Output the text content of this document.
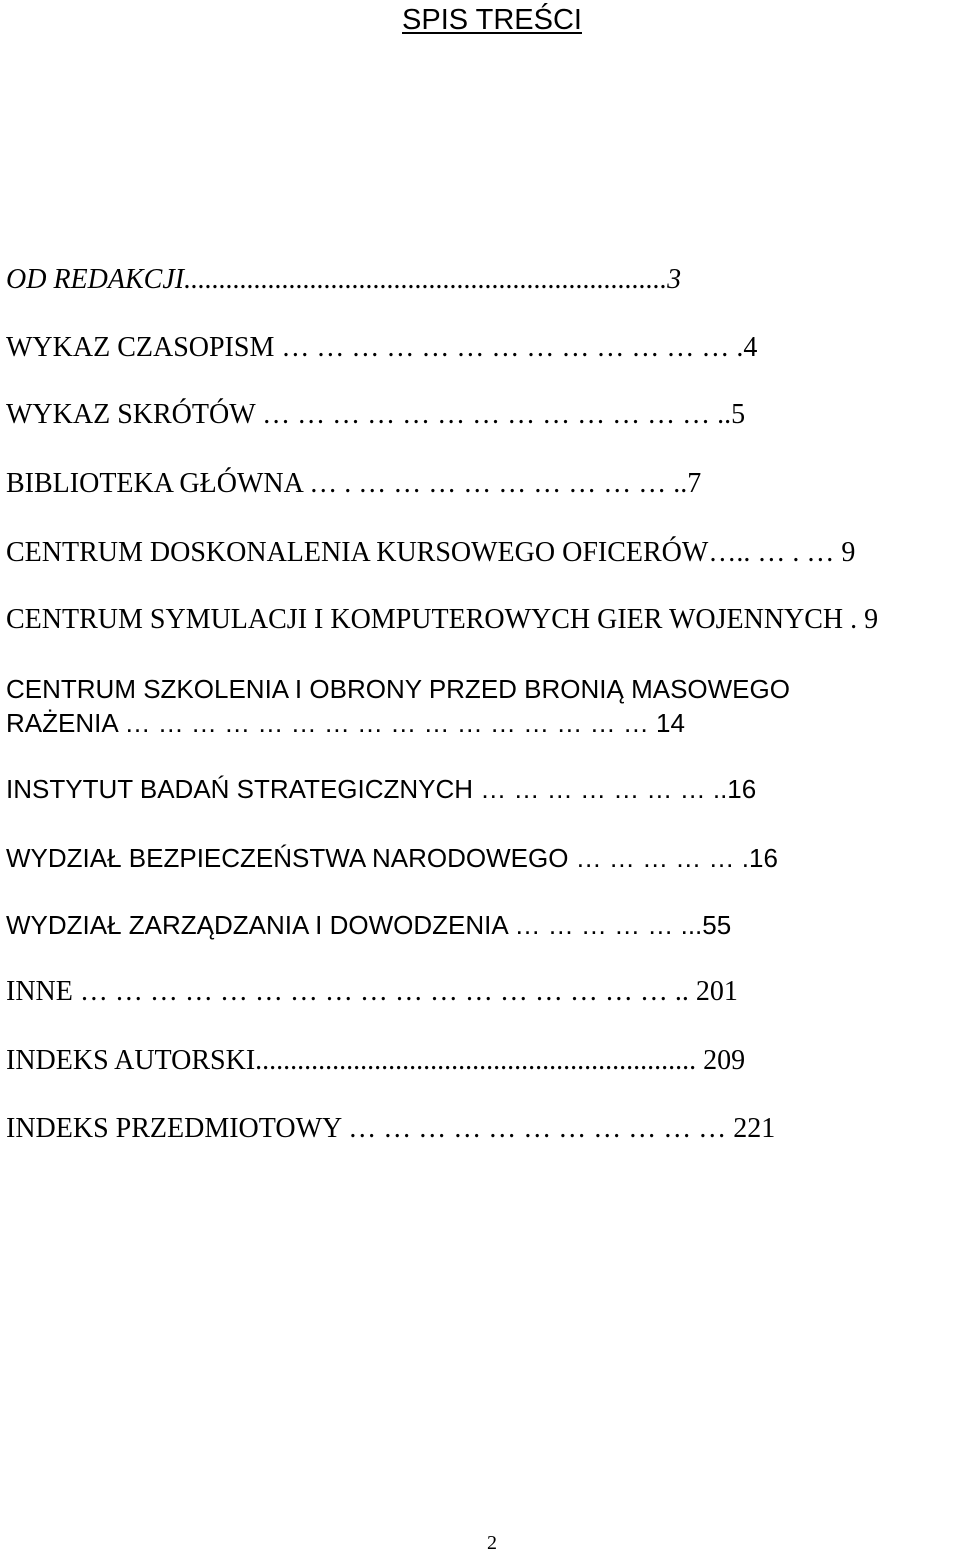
SPIS TREŚCI
OD REDAKCJI.....................................................................3
WYKAZ CZASOPISM … … … … … … … … … … … … … .4
WYKAZ SKRÓTÓW … … … … … … … … … … … … … ..5
BIBLIOTEKA GŁÓWNA … . … … … … … … … … … ..7
CENTRUM DOSKONALENIA KURSOWEGO OFICERÓW….. … . … 9
CENTRUM SYMULACJI I KOMPUTEROWYCH GIER WOJENNYCH . 9
CENTRUM SZKOLENIA I OBRONY PRZED BRONIĄ MASOWEGO
RAŻENIA … … … … … … … … … … … … … … … … 14
INSTYTUT BADAŃ STRATEGICZNYCH … … … … … … … ..16
WYDZIAŁ BEZPIECZEŃSTWA NARODOWEGO … … … … … .16
WYDZIAŁ ZARZĄDZANIA I DOWODZENIA … … … … … ...55
INNE … … … … … … … … … … … … … … … … … .. 201
INDEKS AUTORSKI............................................................... 209
INDEKS PRZEDMIOTOWY … … … … … … … … … … … 221
2
